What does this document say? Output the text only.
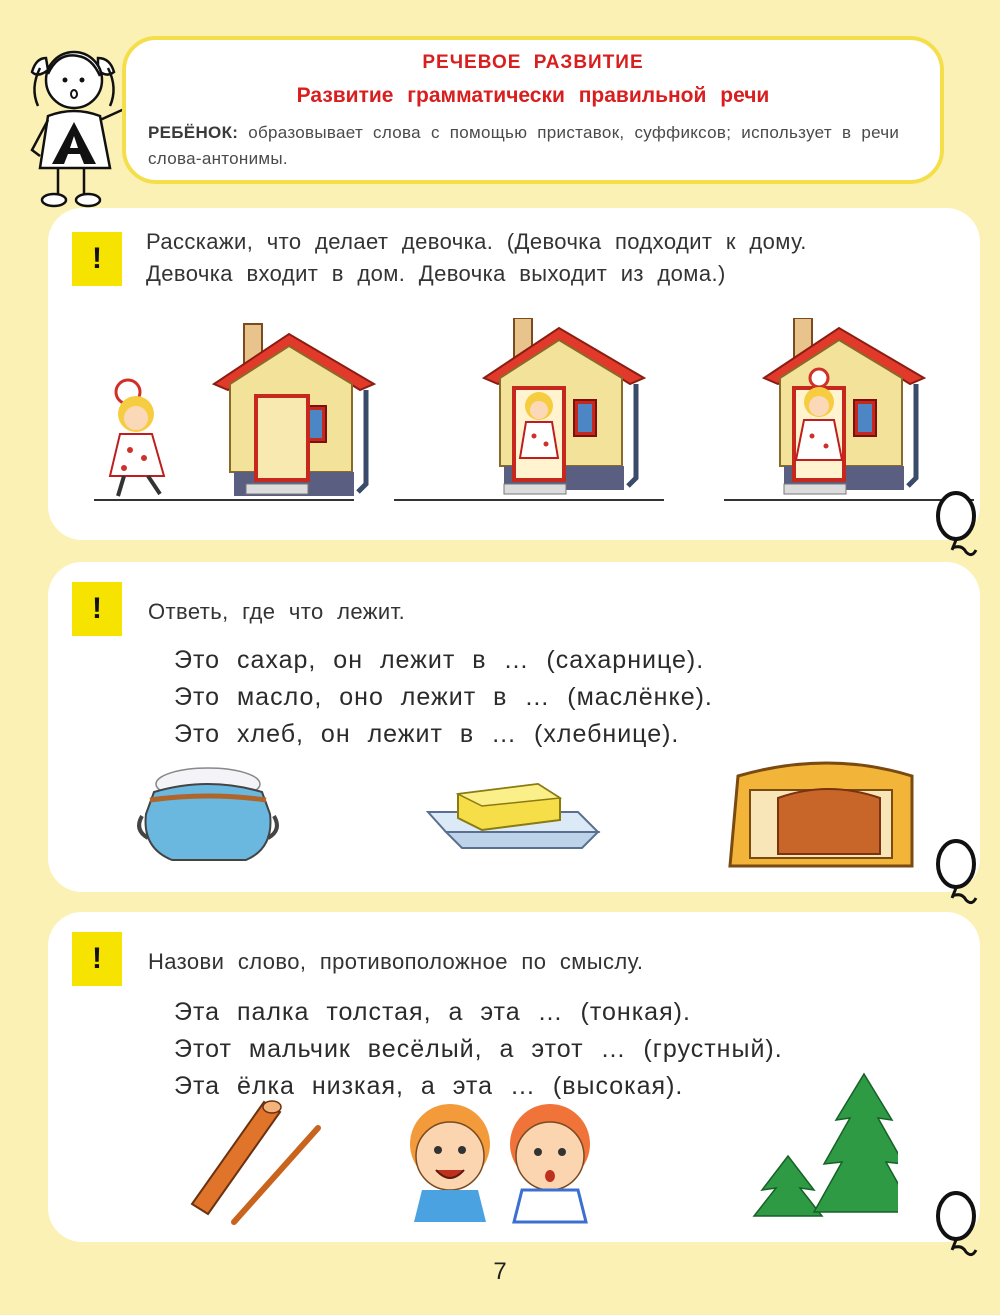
РЕЧЕВОЕ РАЗВИТИЕ
Развитие грамматически правильной речи
РЕБЁНОК: образовывает слова с помощью приставок, суффиксов; использует в речи слова-антонимы.
!
Расскажи, что делает девочка. (Девочка подходит к дому.
Девочка входит в дом. Девочка выходит из дома.)
!	Ответь, где что лежит.
Это сахар, он лежит в … (сахарнице).
Это масло, оно лежит в … (маслёнке).
Это хлеб, он лежит в … (хлебнице).
!	Назови слово, противоположное по смыслу.
Эта палка толстая, а эта … (тонкая).
Этот мальчик весёлый, а этот … (грустный).
Эта ёлка низкая, а эта … (высокая).
7
